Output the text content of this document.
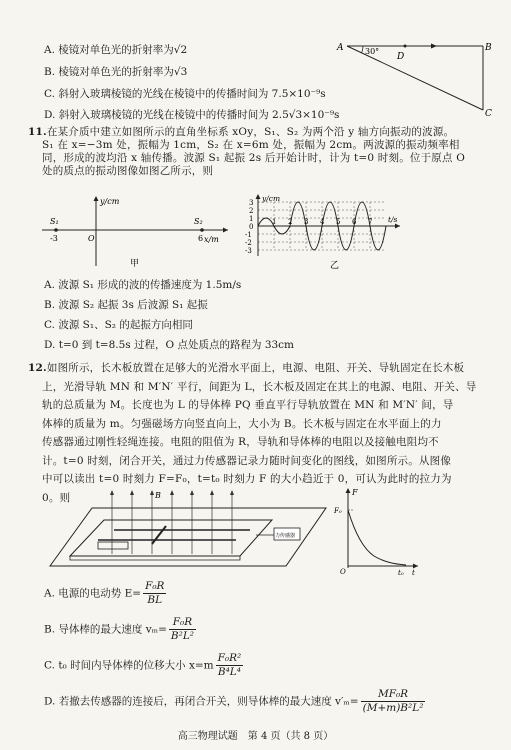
A. 棱镜对单色光的折射率为√2
B. 棱镜对单色光的折射率为√3
C. 斜射入玻璃棱镜的光线在棱镜中的传播时间为 7.5×10⁻⁹s
D. 斜射入玻璃棱镜的光线在棱镜中的传播时间为 2.5√3×10⁻⁹s
A	B
C
D
30°
11.在某介质中建立如图所示的直角坐标系 xOy，S₁、S₂ 为两个沿 y 轴方向振动的波源。
S₁ 在 x=−3m 处，振幅为 1cm，S₂ 在 x=6m 处，振幅为 2cm。两波源的振动频率相
同，形成的波均沿 x 轴传播。波源 S₁ 起振 2s 后开始计时，计为 t=0 时刻。位于原点 O
处的质点的振动图像如图乙所示，则
y/cm
x/m
S₁	S₂
O
-3	6
甲
y/cm
t/s
3
2
1
0
-1
-2
-3
1 2 3 4 5 6 7
乙
A. 波源 S₁ 形成的波的传播速度为 1.5m/s
B. 波源 S₂ 起振 3s 后波源 S₁ 起振
C. 波源 S₁、S₂ 的起振方向相同
D. t=0 到 t=8.5s 过程，O 点处质点的路程为 33cm
12.如图所示，长木板放置在足够大的光滑水平面上，电源、电阻、开关、导轨固定在长木板
上，光滑导轨 MN 和 M′N′ 平行，间距为 L，长木板及固定在其上的电源、电阻、开关、导
轨的总质量为 M。长度也为 L 的导体棒 PQ 垂直平行导轨放置在 MN 和 M′N′ 间，导
体棒的质量为 m。匀强磁场方向竖直向上，大小为 B。长木板与固定在水平面上的力
传感器通过刚性轻绳连接。电阻的阻值为 R，导轨和导体棒的电阻以及接触电阻均不
计。t=0 时刻，闭合开关，通过力传感器记录力随时间变化的图线，如图所示。从图像
中可以读出 t=0 时刻力 F=F₀，t=t₀ 时刻力 F 的大小趋近于 0，可认为此时的拉力为
0。则	B
力传感器
F
F₀
O	t₀ t
A. 电源的电动势 $E= \frac{\text{F₀R}}{BL}$
B. 导体棒的最大速度 $v_m= \frac{\text{F₀R}}{\text{B²L²}}$
C. t₀ 时间内导体棒的位移大小 $x=m \frac{\text{F₀R²}}{\text{B⁴L⁴}}$
D. 若撤去传感器的连接后，再闭合开关，则导体棒的最大速度 $v'_m= \frac{\text{MF₀R}}{\text{(M+m)B²L²}}$
高三物理试题　第 4 页（共 8 页）
